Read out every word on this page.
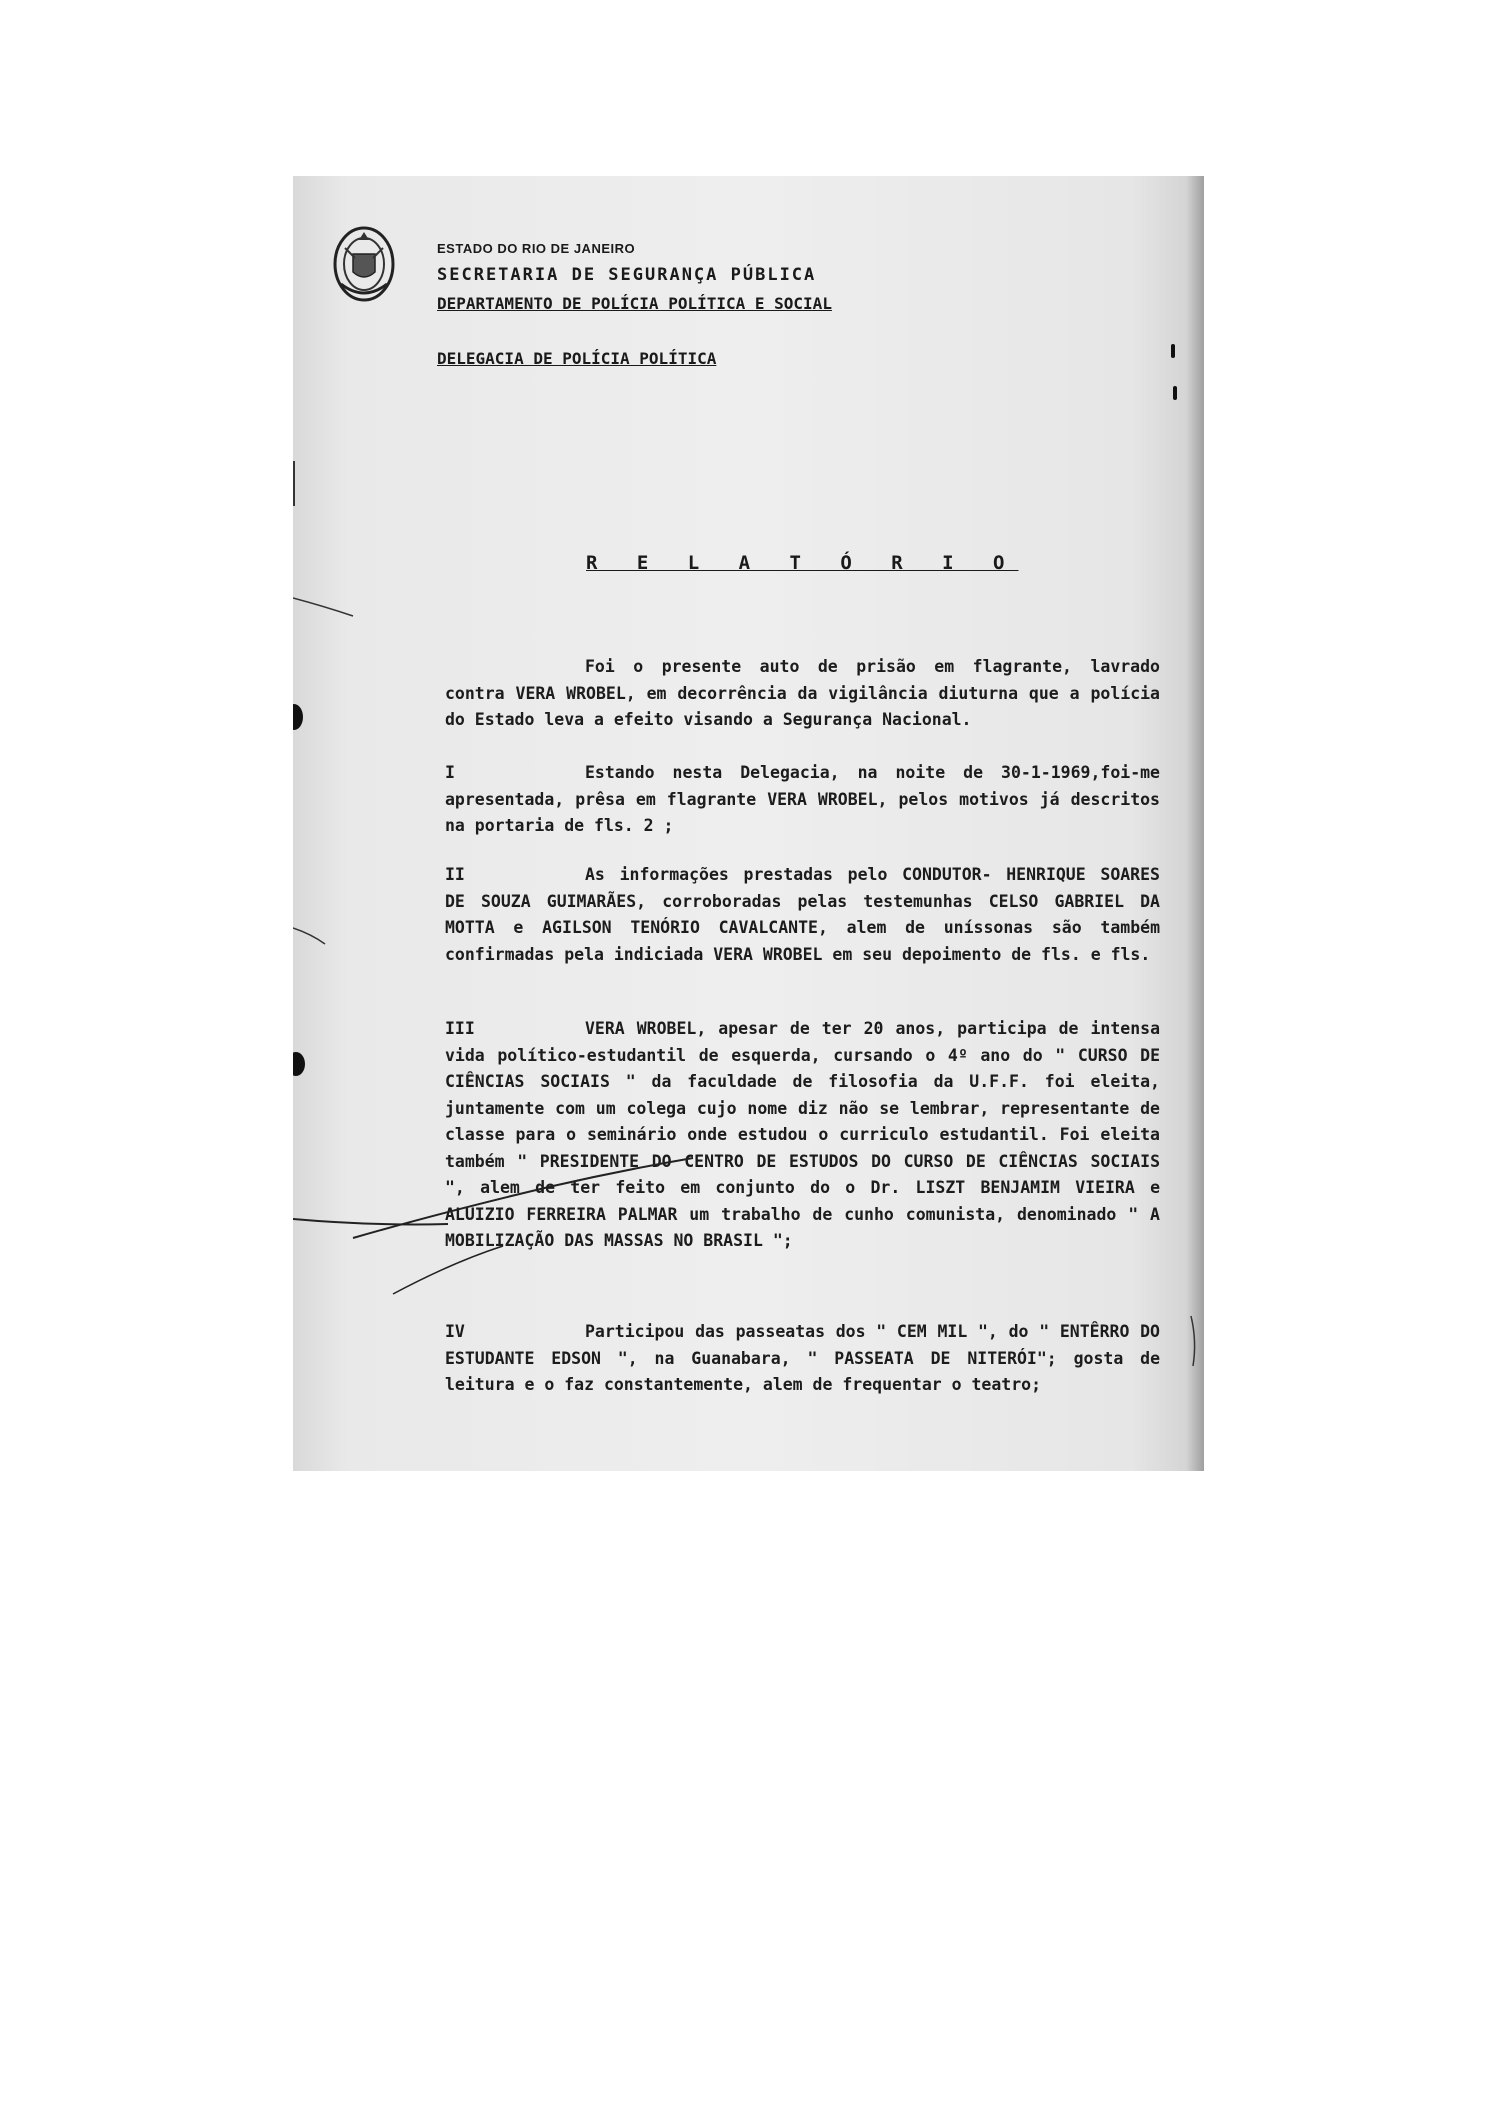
ESTADO DO RIO DE JANEIRO
SECRETARIA DE SEGURANÇA PÚBLICA
DEPARTAMENTO DE POLÍCIA POLÍTICA E SOCIAL
DELEGACIA DE POLÍCIA POLÍTICA
R E L A T Ó R I O

Foi o presente auto de prisão em flagrante, lavrado contra VERA WROBEL, em decorrência da vigilância diuturna que a polícia do Estado leva a efeito visando a Segurança Nacional.

I	Estando nesta Delegacia, na noite de 30-1-1969,foi-me apresentada, prêsa em flagrante VERA WROBEL, pelos motivos já descritos na portaria de fls. 2 ;

II	As informações prestadas pelo CONDUTOR- HENRIQUE SOARES DE SOUZA GUIMARÃES, corroboradas pelas testemunhas CELSO GABRIEL DA MOTTA e AGILSON TENÓRIO CAVALCANTE, alem de uníssonas são também confirmadas pela indiciada VERA WROBEL em seu depoimento de fls. e fls.

III	VERA WROBEL, apesar de ter 20 anos, participa de intensa vida político-estudantil de esquerda, cursando o 4º ano do " CURSO DE CIÊNCIAS SOCIAIS " da faculdade de filosofia da U.F.F. foi eleita, juntamente com um colega cujo nome diz não se lembrar, representante de classe para o seminário onde estudou o curriculo estudantil. Foi eleita também " PRESIDENTE DO CENTRO DE ESTUDOS DO CURSO DE CIÊNCIAS SOCIAIS ", alem de ter feito em conjunto do o Dr. LISZT BENJAMIM VIEIRA e ALUIZIO FERREIRA PALMAR um trabalho de cunho comunista, denominado " A MOBILIZAÇÃO DAS MASSAS NO BRASIL ";

IV	Participou das passeatas dos " CEM MIL ", do " ENTÊRRO DO ESTUDANTE EDSON ", na Guanabara, " PASSEATA DE NITERÓI"; gosta de leitura e o faz constantemente, alem de frequentar o teatro;
